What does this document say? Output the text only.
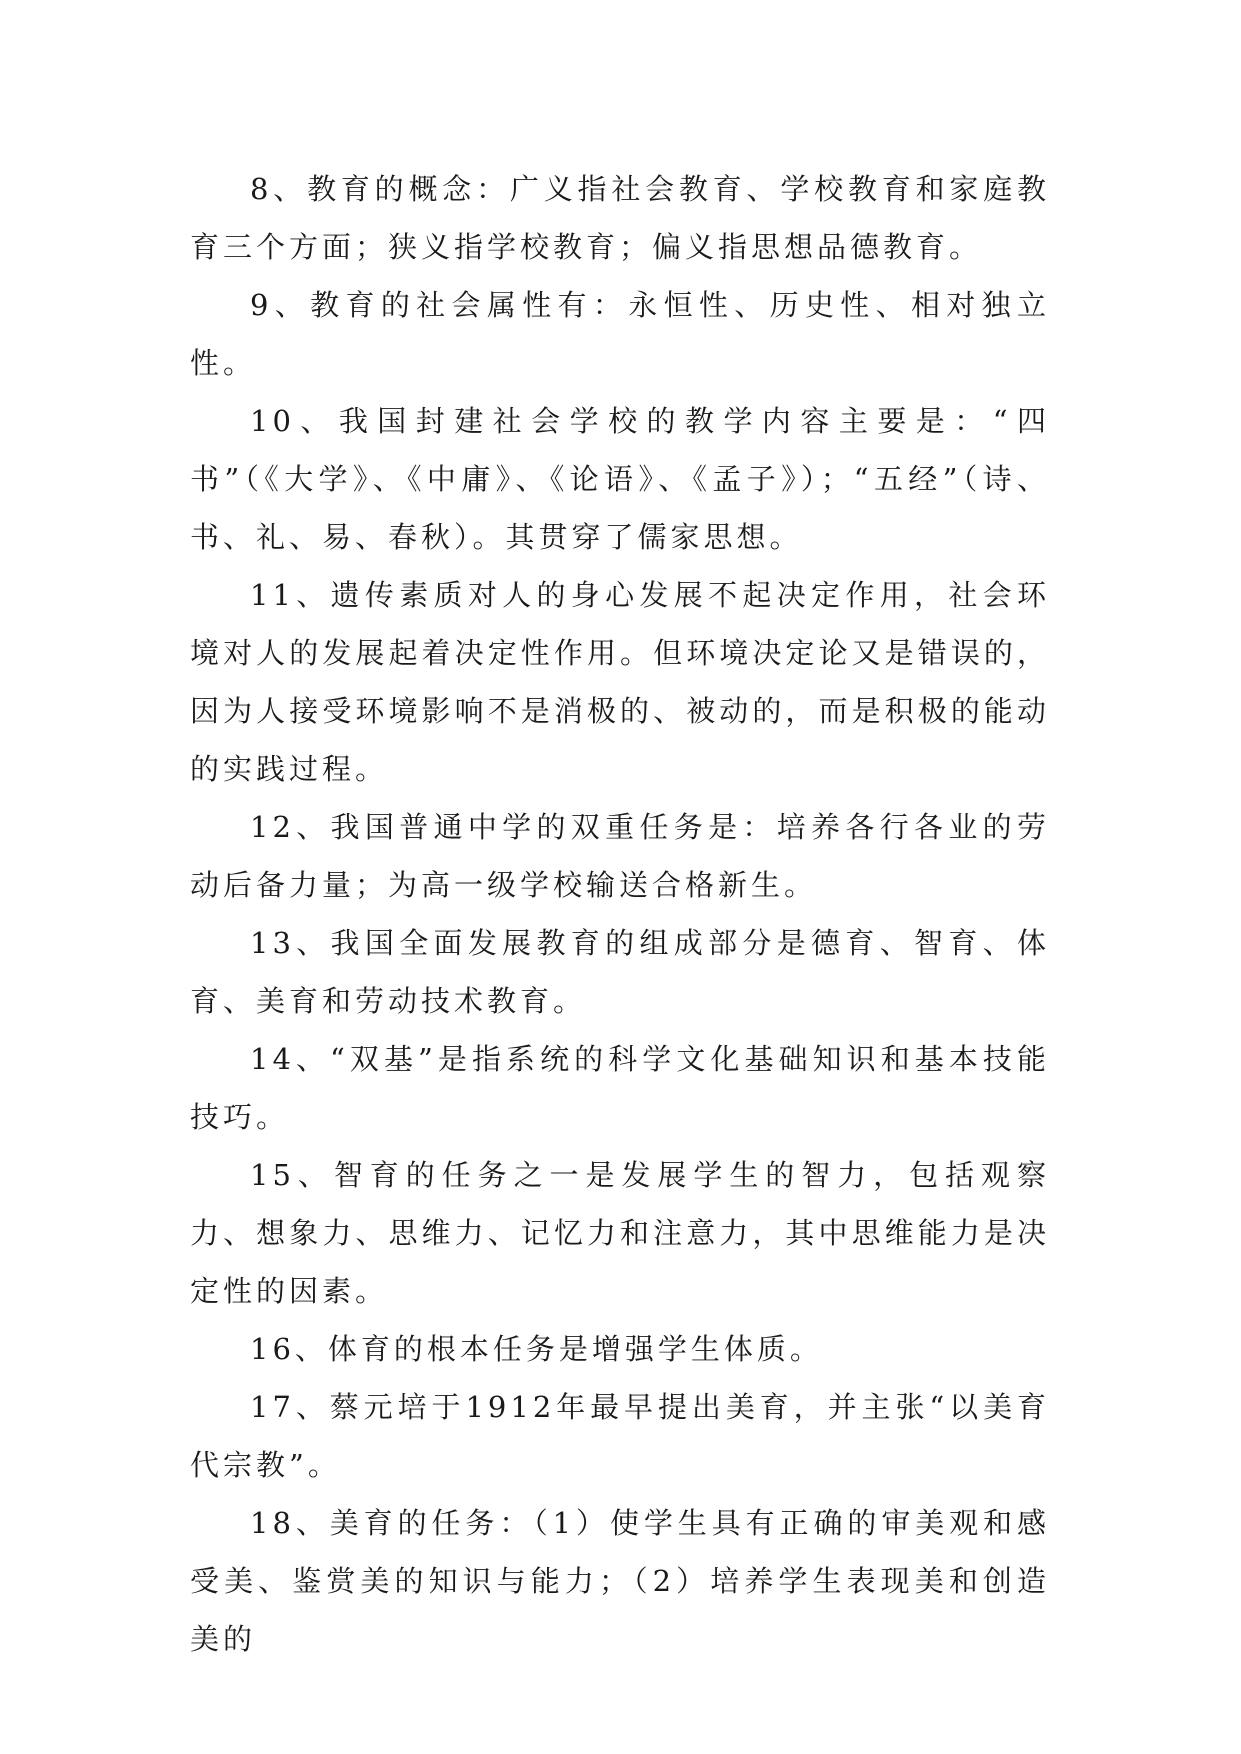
8、教育的概念：广义指社会教育、学校教育和家庭教育三个方面；狭义指学校教育；偏义指思想品德教育。

9、教育的社会属性有：永恒性、历史性、相对独立性。

10、我国封建社会学校的教学内容主要是：“四书”（《大学》、《中庸》、《论语》、《孟子》）；“五经”（诗、书、礼、易、春秋）。其贯穿了儒家思想。

11、遗传素质对人的身心发展不起决定作用，社会环境对人的发展起着决定性作用。但环境决定论又是错误的，因为人接受环境影响不是消极的、被动的，而是积极的能动的实践过程。

12、我国普通中学的双重任务是：培养各行各业的劳动后备力量；为高一级学校输送合格新生。

13、我国全面发展教育的组成部分是德育、智育、体育、美育和劳动技术教育。

14、“双基”是指系统的科学文化基础知识和基本技能技巧。

15、智育的任务之一是发展学生的智力，包括观察力、想象力、思维力、记忆力和注意力，其中思维能力是决定性的因素。

16、体育的根本任务是增强学生体质。

17、蔡元培于1912年最早提出美育，并主张“以美育代宗教”。

18、美育的任务：（1）使学生具有正确的审美观和感受美、鉴赏美的知识与能力；（2）培养学生表现美和创造美的
